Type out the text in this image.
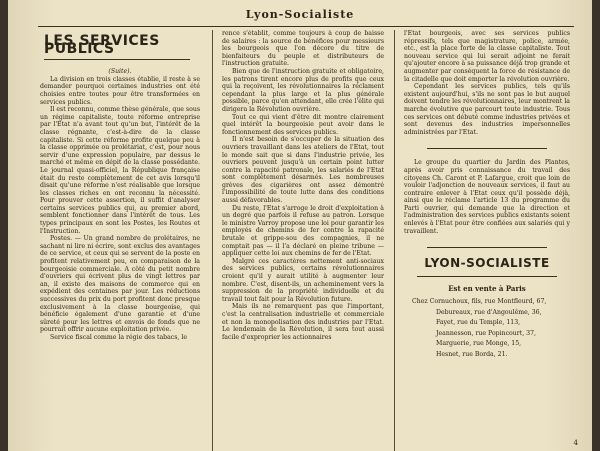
Lyon-Socialiste
LES SERVICES PUBLICS

(Suite).

La division en trois classes établie, il reste à se demander pourquoi certaines industries ont été choisies entre toutes pour être transformées en services publics.

Il est reconnu, comme thèse générale, que sous un régime capitaliste, toute réforme entreprise par l'Etat n'a avant tout qu'un but, l'intérêt de la classe régnante, c'est-à-dire de la classe capitaliste. Si cette réforme profite quelque peu à la classe opprimée ou prolétariat, c'est, pour nous servir d'une expression populaire, par dessus le marché et même en dépit de la classe possédante. Le journal quasi-officiel, la République française était du reste complètement de cet avis lorsqu'il disait qu'une réforme n'est réalisable que lorsque les classes riches en ont reconnu la nécessité. Pour prouver cette assertion, il suffit d'analyser certains services publics qui, au premier abord, semblent fonctionner dans l'intérêt de tous. Les types principaux en sont les Postes, les Routes et l'Instruction.

Postes. — Un grand nombre de prolétaires, ne sachant ni lire ni écrire, sont exclus des avantages de ce service, et ceux qui se servent de la poste en profitent relativement peu, en comparaison de la bourgeoisie commerciale. A côté du petit nombre d'ouvriers qui écrivent plus de vingt lettres par an, il existe des maisons de commerce qui en expédient des centaines par jour. Les réductions successives du prix du port profitent donc presque exclusivement à la classe bourgeoise, qui bénéficie également d'une garantie et d'une sûreté pour les lettres et envois de fonds que ne pourrait offrir aucune exploitation privée.

Service fiscal comme la régie des tabacs, le

rence s'établit, comme toujours à coup de baisse de salaires : la source de bénéfices pour messieurs les bourgeois que l'on décore du titre de bienfaiteurs du peuple et distributeurs de l'instruction gratuite.

Bien que de l'instruction gratuite et obligatoire, les patrons tirent encore plus de profits que ceux qui la reçoivent, les révolutionnaires la réclament cependant la plus large et la plus générale possible, parce qu'en attendant, elle crée l'élite qui dirigera la Révolution ouvrière.

Tout ce qui vient d'être dit montre clairement quel intérêt la bourgeoisie peut avoir dans le fonctionnement des services publics.

Il n'est besoin de s'occuper de la situation des ouvriers travaillant dans les ateliers de l'Etat, tout le monde sait que si dans l'industrie privée, les ouvriers peuvent jusqu'à un certain point lutter contre la rapacité patronale, les salariés de l'Etat sont complètement désarmés. Les nombreuses grèves des cigarières ont assez démontré l'impossibilité de toute lutte dans des conditions aussi défavorables.

Du reste, l'Etat s'arroge le droit d'exploitation à un degré que parfois il refuse au patron. Lorsque le ministre Varroy propose une loi pour garantir les employés de chemins de fer contre la rapacité brutale et grippe-sou des compagnies, il ne comptait pas — il l'a déclaré en pleine tribune — appliquer cette loi aux chemins de fer de l'Etat.

Malgré ces caractères nettement anti-sociaux des services publics, certains révolutionnaires croient qu'il y aurait utilité à augmenter leur nombre. C'est, disent-ils, un acheminement vers la suppression de la propriété individuelle et du travail tout fait pour la Révolution future.

Mais ils ne remarquent pas que l'important, c'est la centralisation industrielle et commerciale et non la monopolisation des industries par l'Etat. Le lendemain de la Révolution, il sera tout aussi facile d'exproprier les actionnaires

l'Etat bourgeois, avec ses services publics répressifs, tels que magistrature, police, armée, etc., est la place forte de la classe capitaliste. Tout nouveau service qui lui serait adjoint ne ferait qu'ajouter encore à sa puissance déjà trop grande et augmenter par conséquent la force de résistance de la citadelle que doit emporter la révolution ouvrière.

Cependant les services publics, tels qu'ils existent aujourd'hui, s'ils ne sont pas le but auquel doivent tendre les révolutionnaires, leur montrent la marche évolutive que parcourt toute industrie. Tous ces services ont débuté comme industries privées et sont devenus des industries impersonnelles administrées par l'Etat.

Le groupe du quartier du Jardin des Plantes, après avoir pris connaissance du travail des citoyens Ch. Caront et P. Lafargue, croit que loin de vouloir l'adjonction de nouveaux services, il faut au contraire enlever à l'Etat ceux qu'il possède déjà, ainsi que le réclame l'article 13 du programme du Parti ouvrier, qui demande que la direction et l'administration des services publics existants soient enlevés à l'Etat pour être confiées aux salariés qui y travaillent.

LYON-SOCIALISTE
Est en vente à Paris
Chez Cornuchoux, fils, rue Montfleurd, 67,
Debureaux, rue d'Angoulême, 36,
Fayet, rue du Temple, 113,
Jeannesson, rue Popincourt, 37,
Marguerie, rue Monge, 15,
Hesnet, rue Borda, 21.
4
